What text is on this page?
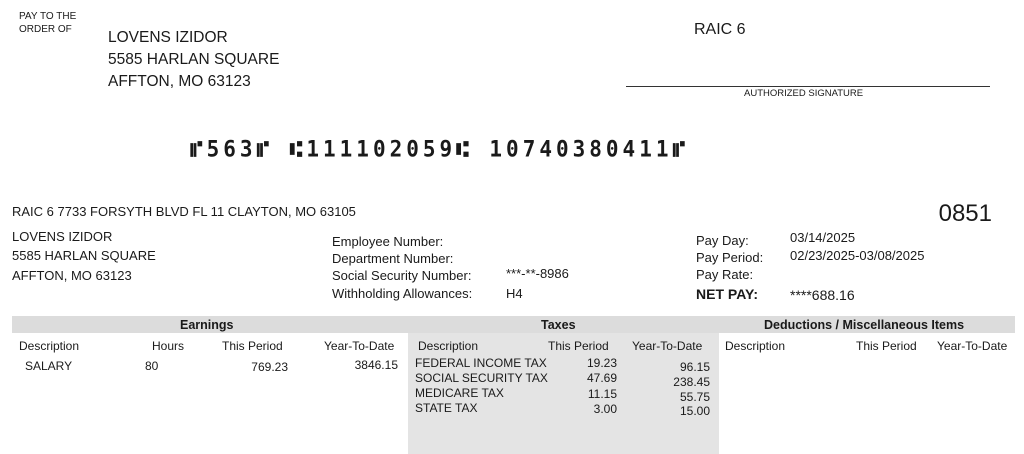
PAY TO THE
ORDER OF LOVENS IZIDOR
5585 HARLAN SQUARE
AFFTON, MO 63123
RAIC 6
AUTHORIZED SIGNATURE
⑈563⑈ ⑆111102059⑆ 10740380411⑈
RAIC 6 7733 FORSYTH BLVD FL 11 CLAYTON, MO 63105	0851
LOVENS IZIDOR
5585 HARLAN SQUARE
AFFTON, MO 63123
Employee Number:
Department Number:
Social Security Number:	***-**-8986
Withholding Allowances:	H4
Pay Day:	03/14/2025
Pay Period: 02/23/2025-03/08/2025
Pay Rate:
NET PAY: ****688.16
Earnings	Taxes	Deductions / Miscellaneous Items
Description	Hours	This Period	Year-To-Date
SALARY	80	769.23	3846.15
Description	This Period Year-To-Date
FEDERAL INCOME TAX	19.23	96.15
SOCIAL SECURITY TAX	47.69	238.45
MEDICARE TAX	11.15	55.75
STATE TAX	3.00	15.00
Description	This Period Year-To-Date
